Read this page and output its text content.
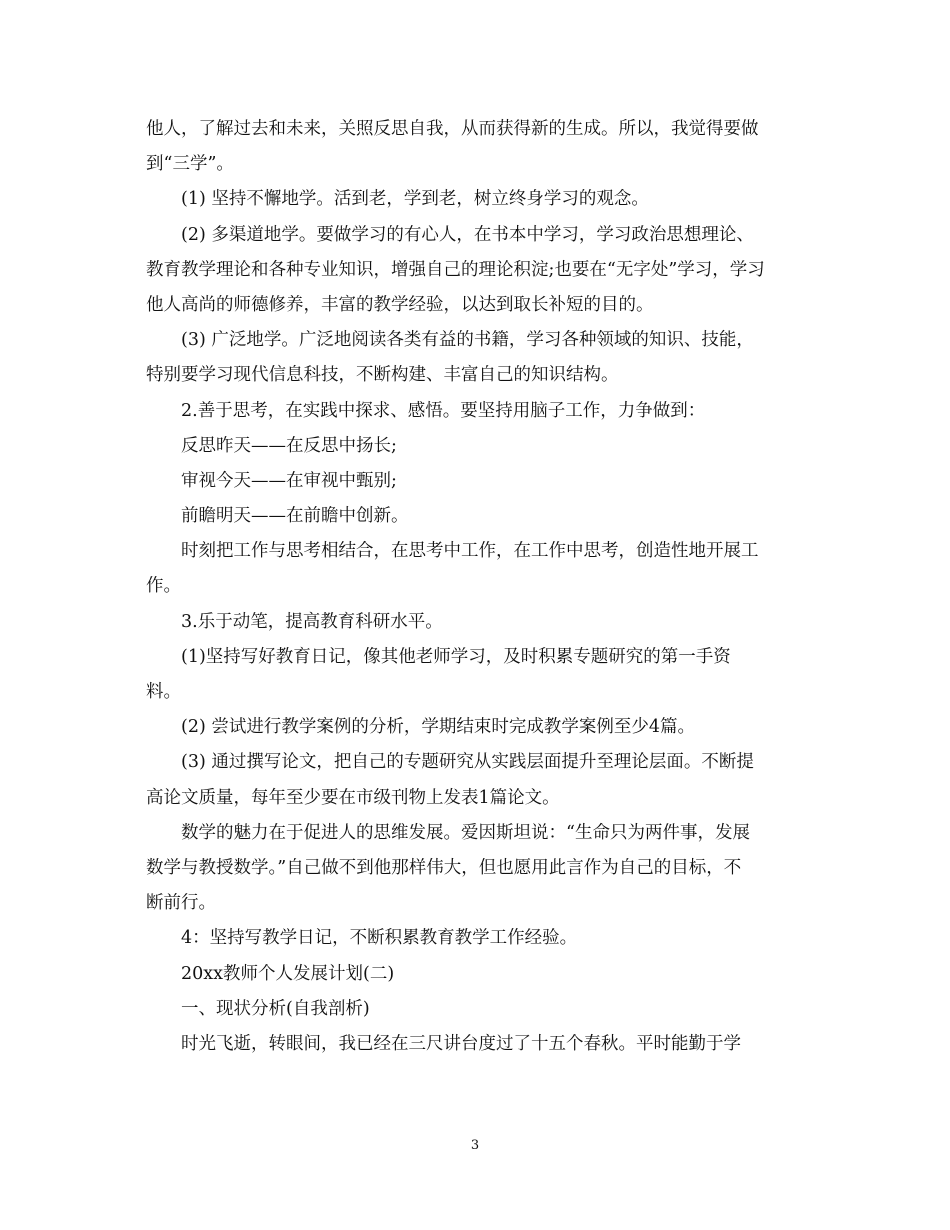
他人，了解过去和未来，关照反思自我，从而获得新的生成。所以，我觉得要做
到“三学”。
(1) 坚持不懈地学。活到老，学到老，树立终身学习的观念。
(2) 多渠道地学。要做学习的有心人，在书本中学习，学习政治思想理论、
教育教学理论和各种专业知识，增强自己的理论积淀;也要在“无字处”学习，学习
他人高尚的师德修养，丰富的教学经验，以达到取长补短的目的。
(3) 广泛地学。广泛地阅读各类有益的书籍，学习各种领域的知识、技能，
特别要学习现代信息科技，不断构建、丰富自己的知识结构。
2.善于思考，在实践中探求、感悟。要坚持用脑子工作，力争做到：
反思昨天——在反思中扬长;
审视今天——在审视中甄别;
前瞻明天——在前瞻中创新。
时刻把工作与思考相结合，在思考中工作，在工作中思考，创造性地开展工
作。
3.乐于动笔，提高教育科研水平。
(1)坚持写好教育日记，像其他老师学习，及时积累专题研究的第一手资
料。
(2) 尝试进行教学案例的分析，学期结束时完成教学案例至少4篇。
(3) 通过撰写论文，把自己的专题研究从实践层面提升至理论层面。不断提
高论文质量，每年至少要在市级刊物上发表1篇论文。
数学的魅力在于促进人的思维发展。爱因斯坦说：“生命只为两件事，发展
数学与教授数学。”自己做不到他那样伟大，但也愿用此言作为自己的目标，不
断前行。
4：坚持写教学日记，不断积累教育教学工作经验。
20xx教师个人发展计划(二)
一、现状分析(自我剖析)
时光飞逝，转眼间，我已经在三尺讲台度过了十五个春秋。平时能勤于学
3
